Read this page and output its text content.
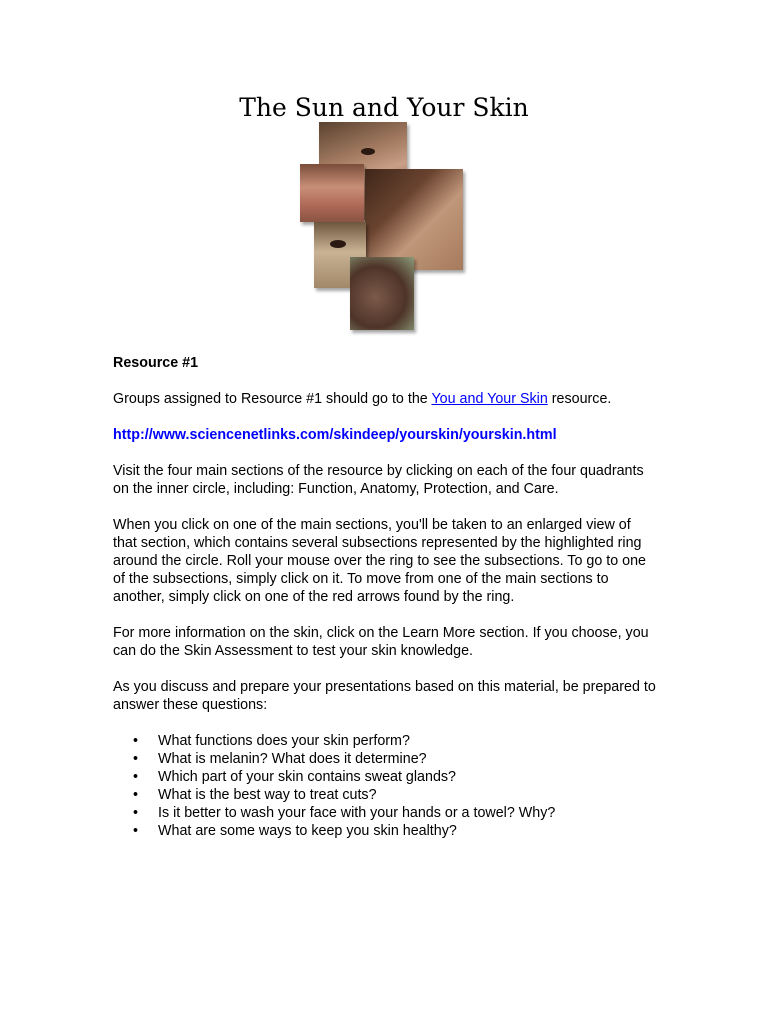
The Sun and Your Skin

Resource #1

Groups assigned to Resource #1 should go to the You and Your Skin resource.

http://www.sciencenetlinks.com/skindeep/yourskin/yourskin.html

Visit the four main sections of the resource by clicking on each of the four quadrants on the inner circle, including: Function, Anatomy, Protection, and Care.

When you click on one of the main sections, you'll be taken to an enlarged view of that section, which contains several subsections represented by the highlighted ring around the circle. Roll your mouse over the ring to see the subsections. To go to one of the subsections, simply click on it. To move from one of the main sections to another, simply click on one of the red arrows found by the ring.

For more information on the skin, click on the Learn More section. If you choose, you can do the Skin Assessment to test your skin knowledge.

As you discuss and prepare your presentations based on this material, be prepared to answer these questions:

• What functions does your skin perform?
• What is melanin? What does it determine?
• Which part of your skin contains sweat glands?
• What is the best way to treat cuts?
• Is it better to wash your face with your hands or a towel? Why?
• What are some ways to keep you skin healthy?
